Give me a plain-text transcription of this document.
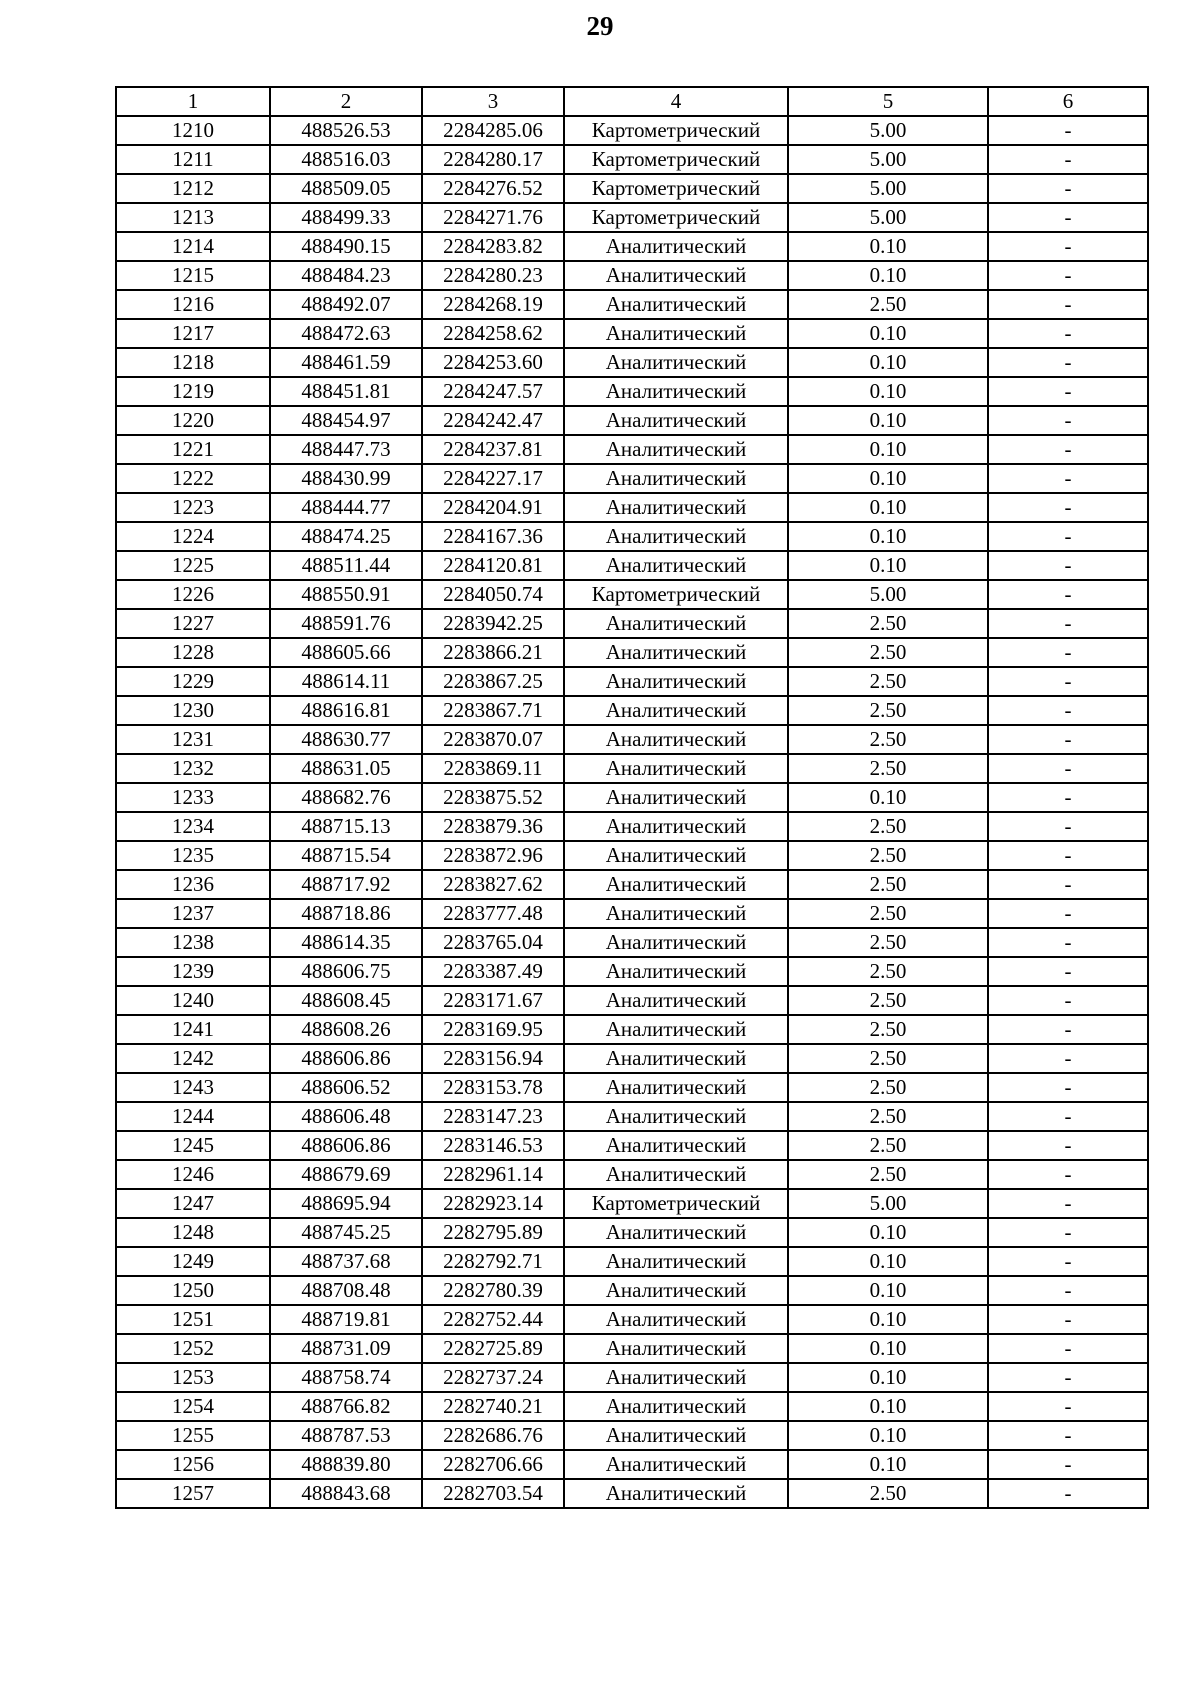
29
1	2	3	4	5	6
1210	488526.53	2284285.06	Картометрический	5.00	-
1211	488516.03	2284280.17	Картометрический	5.00	-
1212	488509.05	2284276.52	Картометрический	5.00	-
1213	488499.33	2284271.76	Картометрический	5.00	-
1214	488490.15	2284283.82	Аналитический	0.10	-
1215	488484.23	2284280.23	Аналитический	0.10	-
1216	488492.07	2284268.19	Аналитический	2.50	-
1217	488472.63	2284258.62	Аналитический	0.10	-
1218	488461.59	2284253.60	Аналитический	0.10	-
1219	488451.81	2284247.57	Аналитический	0.10	-
1220	488454.97	2284242.47	Аналитический	0.10	-
1221	488447.73	2284237.81	Аналитический	0.10	-
1222	488430.99	2284227.17	Аналитический	0.10	-
1223	488444.77	2284204.91	Аналитический	0.10	-
1224	488474.25	2284167.36	Аналитический	0.10	-
1225	488511.44	2284120.81	Аналитический	0.10	-
1226	488550.91	2284050.74	Картометрический	5.00	-
1227	488591.76	2283942.25	Аналитический	2.50	-
1228	488605.66	2283866.21	Аналитический	2.50	-
1229	488614.11	2283867.25	Аналитический	2.50	-
1230	488616.81	2283867.71	Аналитический	2.50	-
1231	488630.77	2283870.07	Аналитический	2.50	-
1232	488631.05	2283869.11	Аналитический	2.50	-
1233	488682.76	2283875.52	Аналитический	0.10	-
1234	488715.13	2283879.36	Аналитический	2.50	-
1235	488715.54	2283872.96	Аналитический	2.50	-
1236	488717.92	2283827.62	Аналитический	2.50	-
1237	488718.86	2283777.48	Аналитический	2.50	-
1238	488614.35	2283765.04	Аналитический	2.50	-
1239	488606.75	2283387.49	Аналитический	2.50	-
1240	488608.45	2283171.67	Аналитический	2.50	-
1241	488608.26	2283169.95	Аналитический	2.50	-
1242	488606.86	2283156.94	Аналитический	2.50	-
1243	488606.52	2283153.78	Аналитический	2.50	-
1244	488606.48	2283147.23	Аналитический	2.50	-
1245	488606.86	2283146.53	Аналитический	2.50	-
1246	488679.69	2282961.14	Аналитический	2.50	-
1247	488695.94	2282923.14	Картометрический	5.00	-
1248	488745.25	2282795.89	Аналитический	0.10	-
1249	488737.68	2282792.71	Аналитический	0.10	-
1250	488708.48	2282780.39	Аналитический	0.10	-
1251	488719.81	2282752.44	Аналитический	0.10	-
1252	488731.09	2282725.89	Аналитический	0.10	-
1253	488758.74	2282737.24	Аналитический	0.10	-
1254	488766.82	2282740.21	Аналитический	0.10	-
1255	488787.53	2282686.76	Аналитический	0.10	-
1256	488839.80	2282706.66	Аналитический	0.10	-
1257	488843.68	2282703.54	Аналитический	2.50	-
